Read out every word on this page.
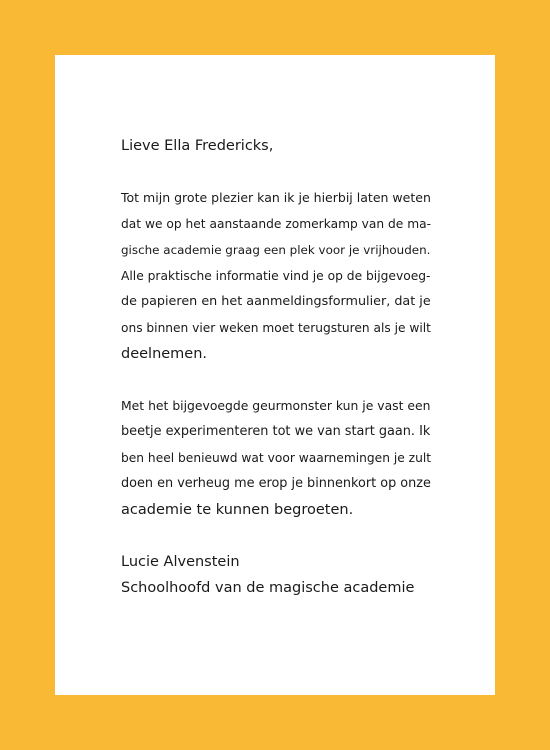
Lieve Ella Fredericks,

Tot mijn grote plezier kan ik je hierbij laten weten
dat we op het aanstaande zomerkamp van de ma-
gische academie graag een plek voor je vrijhouden.
Alle praktische informatie vind je op de bijgevoeg-
de papieren en het aanmeldingsformulier, dat je
ons binnen vier weken moet terugsturen als je wilt
deelnemen.

Met het bijgevoegde geurmonster kun je vast een
beetje experimenteren tot we van start gaan. Ik
ben heel benieuwd wat voor waarnemingen je zult
doen en verheug me erop je binnenkort op onze
academie te kunnen begroeten.

Lucie Alvenstein
Schoolhoofd van de magische academie
